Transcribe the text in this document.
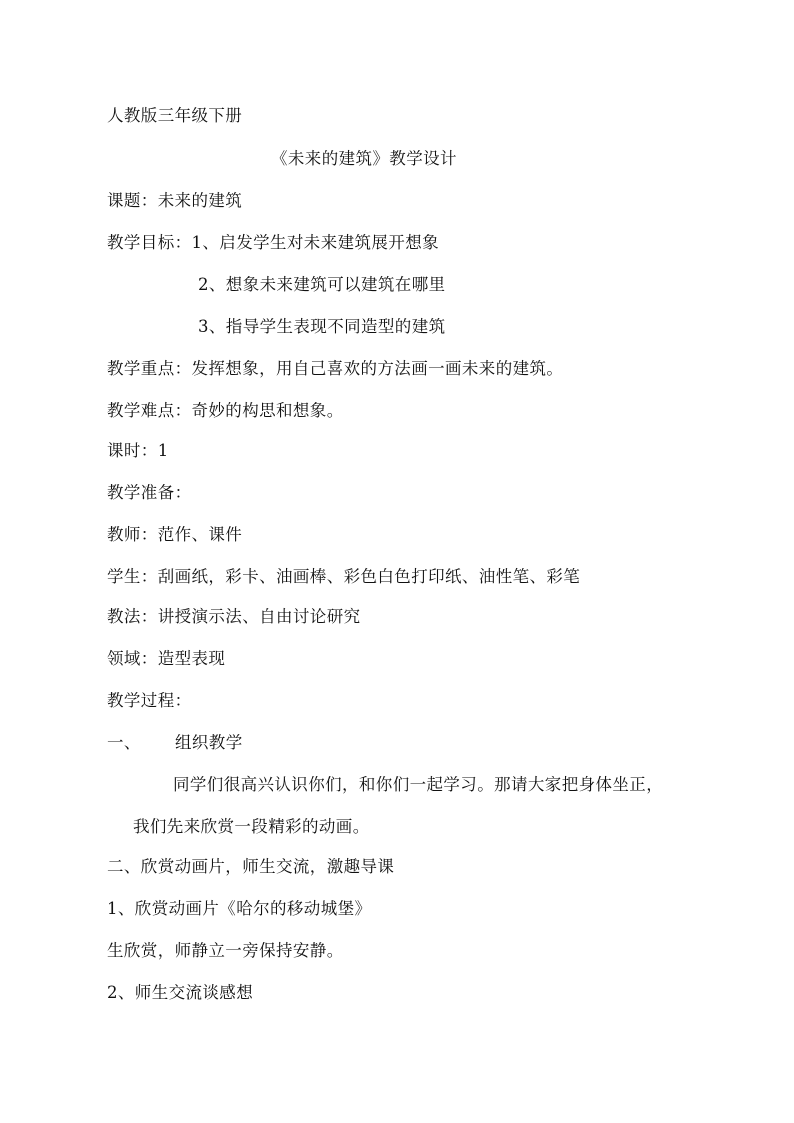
人教版三年级下册
《未来的建筑》教学设计
课题：未来的建筑
教学目标：1、启发学生对未来建筑展开想象
2、想象未来建筑可以建筑在哪里
3、指导学生表现不同造型的建筑
教学重点：发挥想象，用自己喜欢的方法画一画未来的建筑。
教学难点：奇妙的构思和想象。
课时：1
教学准备：
教师：范作、课件
学生：刮画纸，彩卡、油画棒、彩色白色打印纸、油性笔、彩笔
教法：讲授演示法、自由讨论研究
领域：造型表现
教学过程：
一、 组织教学
同学们很高兴认识你们，和你们一起学习。那请大家把身体坐正，
我们先来欣赏一段精彩的动画。
二、欣赏动画片，师生交流，激趣导课
1、欣赏动画片《哈尔的移动城堡》
生欣赏，师静立一旁保持安静。
2、师生交流谈感想
